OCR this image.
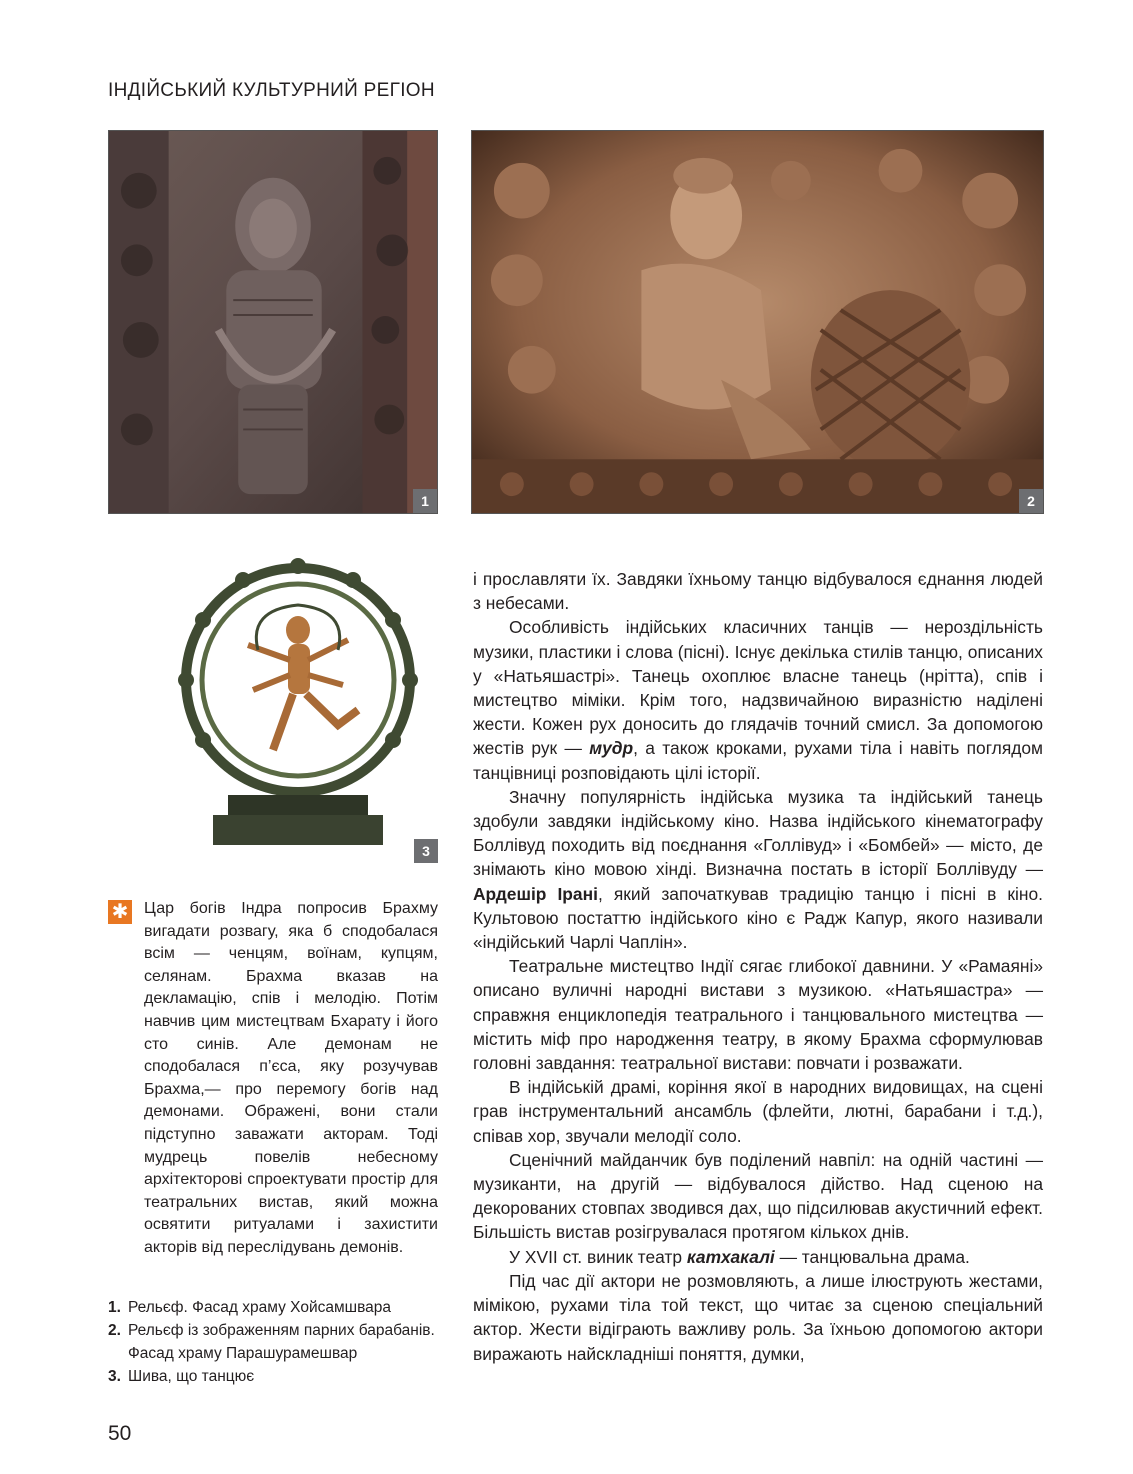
ІНДІЙСЬКИЙ КУЛЬТУРНИЙ РЕГІОН
1	2
3

і прославляти їх. Завдяки їхньому танцю відбувалося єднання людей з небесами.

Особливість індійських класичних танців — нероздільність музики, пластики і слова (пісні). Існує декілька стилів танцю, описаних у «Натьяшастрі». Танець охоплює власне танець (нрітта), спів і мистецтво міміки. Крім того, надзвичайною виразністю наділені жести. Кожен рух доносить до глядачів точний смисл. За допомогою жестів рук — мудр, а також кроками, рухами тіла і навіть поглядом танцівниці розповідають цілі історії.

Значну популярність індійська музика та індійський танець здобули завдяки індійському кіно. Назва індійського кінематографу Боллівуд походить від поєднання «Голлівуд» і «Бомбей» — місто, де знімають кіно мовою хінді. Визначна постать в історії Боллівуду — Ардешір Ірані, який започаткував традицію танцю і пісні в кіно. Культовою постаттю індійського кіно є Радж Капур, якого називали «індійський Чарлі Чаплін».

Театральне мистецтво Індії сягає глибокої давнини. У «Рамаяні» описано вуличні народні вистави з музикою. «Натьяшастра» — справжня енциклопедія театрального і танцювального мистецтва — містить міф про народження театру, в якому Брахма сформулював головні завдання: театральної вистави: повчати і розважати.

В індійській драмі, коріння якої в народних видовищах, на сцені грав інструментальний ансамбль (флейти, лютні, барабани і т.д.), співав хор, звучали мелодії соло.

Сценічний майданчик був поділений навпіл: на одній частині — музиканти, на другій — відбувалося дійство. Над сценою на декорованих стовпах зводився дах, що підсилював акустичний ефект. Більшість вистав розігрувалася протягом кількох днів.

У XVII ст. виник театр катхакалі — танцювальна драма.

Під час дії актори не розмовляють, а лише ілюструють жестами, мімікою, рухами тіла той текст, що читає за сценою спеціальний актор. Жести відіграють важливу роль. За їхньою допомогою актори виражають найскладніші поняття, думки,

✱ Цар богів Індра попросив Брахму вигадати розвагу, яка б сподобалася всім — ченцям, воїнам, купцям, селянам. Брахма вказав на декламацію, спів і мелодію. Потім навчив цим мистецтвам Бхарату і його сто синів. Але демонам не сподобалася п’єса, яку розучував Брахма,— про перемогу богів над демонами. Ображені, вони стали підступно заважати акторам. Тоді мудрець повелів небесному архітекторові спроектувати простір для театральних вистав, який можна освятити ритуалами і захистити акторів від переслідувань демонів.
1. Рельєф. Фасад храму Хойсамшвара
2. Рельєф із зображенням парних барабанів. Фасад храму Парашурамешвар
3. Шива, що танцює
50
